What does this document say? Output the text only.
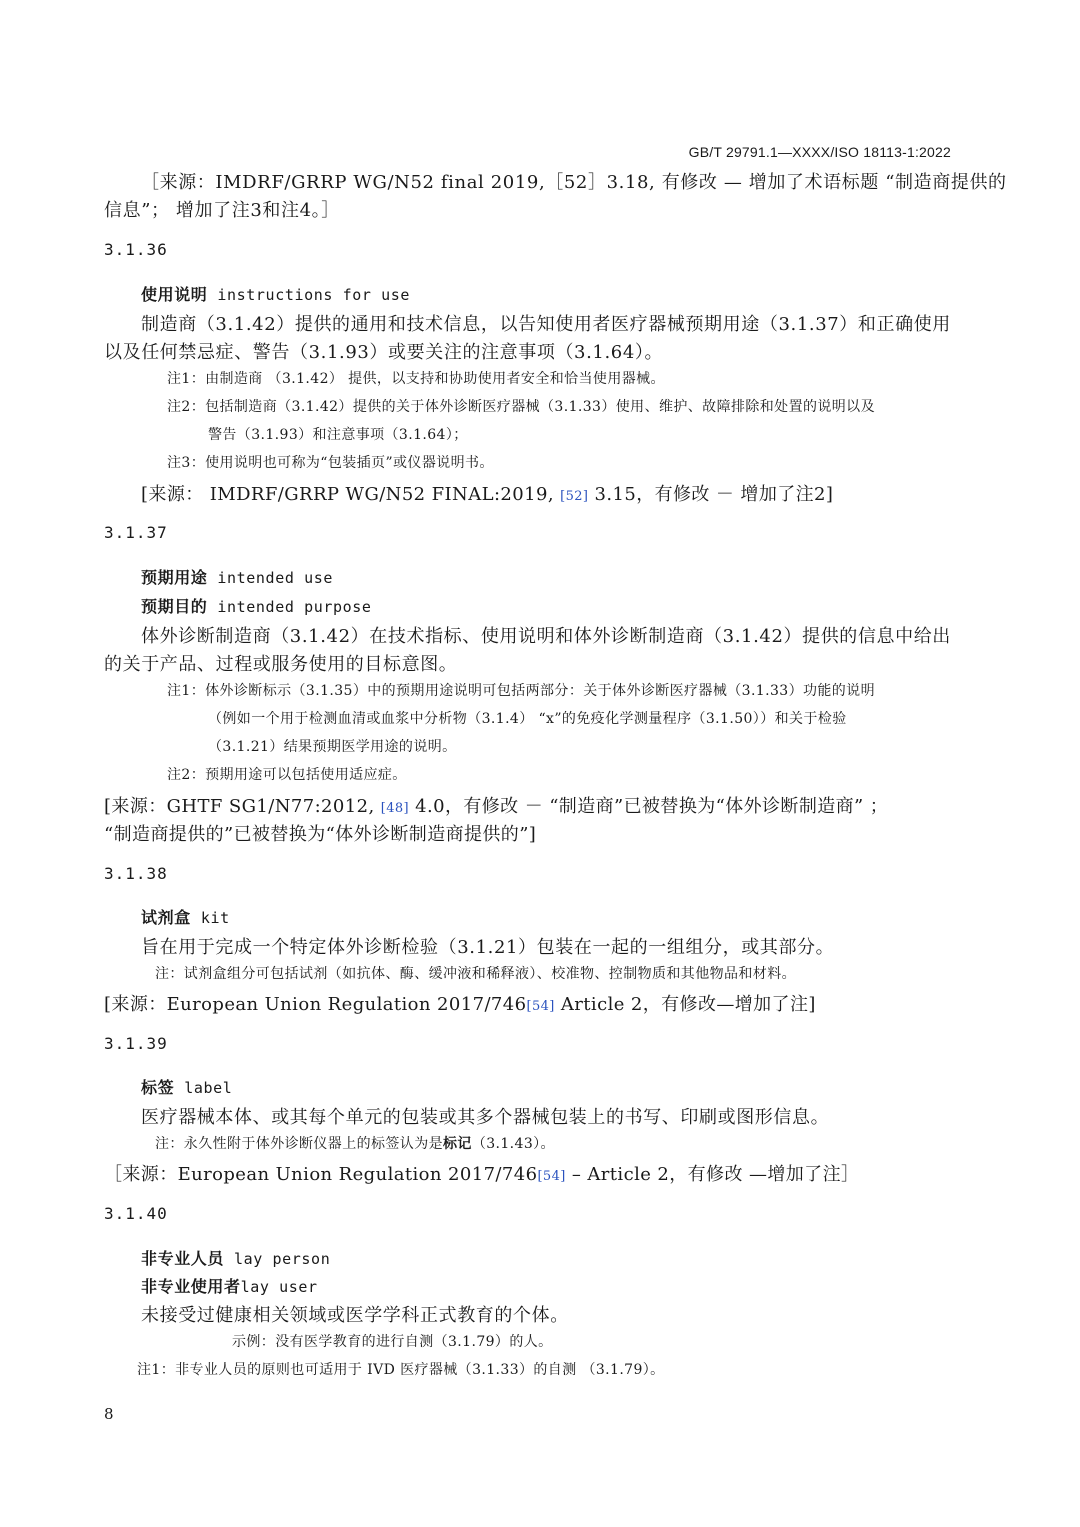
GB/T 29791.1—XXXX/ISO 18113-1:2022
［来源：IMDRF/GRRP WG/N52 final 2019,［52］3.18, 有修改 — 增加了术语标题 “制造商提供的
信息”； 增加了注3和注4。］
3.1.36
使用说明 instructions for use
制造商（3.1.42）提供的通用和技术信息，以告知使用者医疗器械预期用途（3.1.37）和正确使用
以及任何禁忌症、警告（3.1.93）或要关注的注意事项（3.1.64）。
注1：由制造商 （3.1.42） 提供，以支持和协助使用者安全和恰当使用器械。
注2：包括制造商（3.1.42）提供的关于体外诊断医疗器械（3.1.33）使用、维护、故障排除和处置的说明以及
警告（3.1.93）和注意事项（3.1.64）；
注3：使用说明也可称为“包装插页”或仪器说明书。
[来源： IMDRF/GRRP WG/N52 FINAL:2019, [52] 3.15，有修改 － 增加了注2]
3.1.37
预期用途 intended use
预期目的 intended purpose
体外诊断制造商（3.1.42）在技术指标、使用说明和体外诊断制造商（3.1.42）提供的信息中给出
的关于产品、过程或服务使用的目标意图。
注1：体外诊断标示（3.1.35）中的预期用途说明可包括两部分：关于体外诊断医疗器械（3.1.33）功能的说明
（例如一个用于检测血清或血浆中分析物（3.1.4） “x”的免疫化学测量程序（3.1.50））和关于检验
（3.1.21）结果预期医学用途的说明。
注2：预期用途可以包括使用适应症。
[来源：GHTF SG1/N77:2012, [48] 4.0，有修改 － “制造商”已被替换为“体外诊断制造商” ；
“制造商提供的”已被替换为“体外诊断制造商提供的”]
3.1.38
试剂盒 kit
旨在用于完成一个特定体外诊断检验（3.1.21）包装在一起的一组组分，或其部分。
注：试剂盒组分可包括试剂（如抗体、酶、缓冲液和稀释液）、校准物、控制物质和其他物品和材料。
[来源：European Union Regulation 2017/746[54] Article 2，有修改—增加了注]
3.1.39
标签 label
医疗器械本体、或其每个单元的包装或其多个器械包装上的书写、印刷或图形信息。
注：永久性附于体外诊断仪器上的标签认为是标记（3.1.43）。
［来源：European Union Regulation 2017/746[54] – Article 2，有修改 —增加了注］
3.1.40
非专业人员 lay person
非专业使用者lay user
未接受过健康相关领域或医学学科正式教育的个体。
示例：没有医学教育的进行自测（3.1.79）的人。
注1：非专业人员的原则也可适用于 IVD 医疗器械（3.1.33）的自测 （3.1.79）。
8
